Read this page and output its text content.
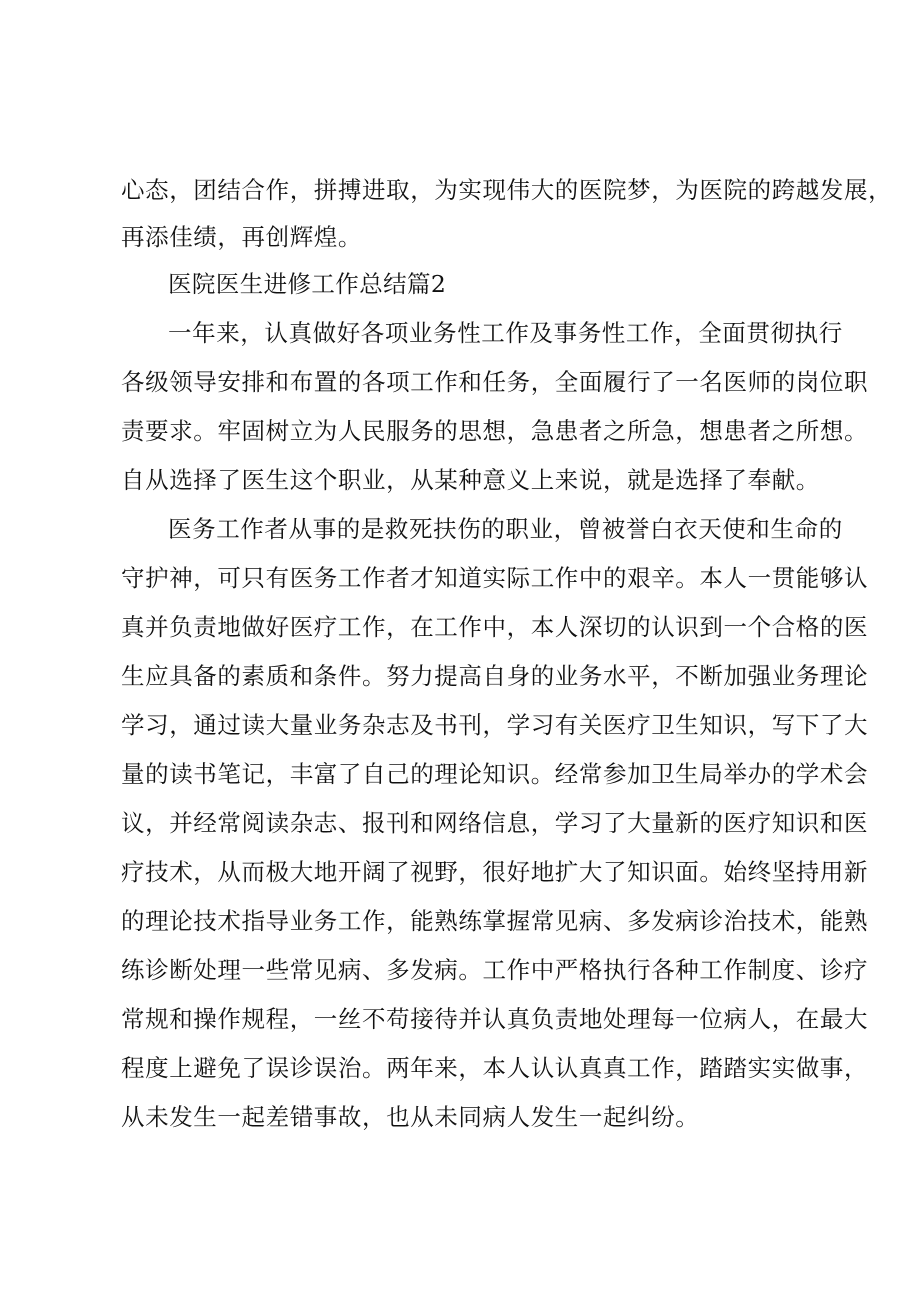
心态，团结合作，拼搏进取，为实现伟大的医院梦，为医院的跨越发展，
再添佳绩，再创辉煌。
医院医生进修工作总结篇2
一年来，认真做好各项业务性工作及事务性工作，全面贯彻执行
各级领导安排和布置的各项工作和任务，全面履行了一名医师的岗位职
责要求。牢固树立为人民服务的思想，急患者之所急，想患者之所想。
自从选择了医生这个职业，从某种意义上来说，就是选择了奉献。
医务工作者从事的是救死扶伤的职业，曾被誉白衣天使和生命的
守护神，可只有医务工作者才知道实际工作中的艰辛。本人一贯能够认
真并负责地做好医疗工作，在工作中，本人深切的认识到一个合格的医
生应具备的素质和条件。努力提高自身的业务水平，不断加强业务理论
学习，通过读大量业务杂志及书刊，学习有关医疗卫生知识，写下了大
量的读书笔记，丰富了自己的理论知识。经常参加卫生局举办的学术会
议，并经常阅读杂志、报刊和网络信息，学习了大量新的医疗知识和医
疗技术，从而极大地开阔了视野，很好地扩大了知识面。始终坚持用新
的理论技术指导业务工作，能熟练掌握常见病、多发病诊治技术，能熟
练诊断处理一些常见病、多发病。工作中严格执行各种工作制度、诊疗
常规和操作规程，一丝不苟接待并认真负责地处理每一位病人，在最大
程度上避免了误诊误治。两年来，本人认认真真工作，踏踏实实做事，
从未发生一起差错事故，也从未同病人发生一起纠纷。
